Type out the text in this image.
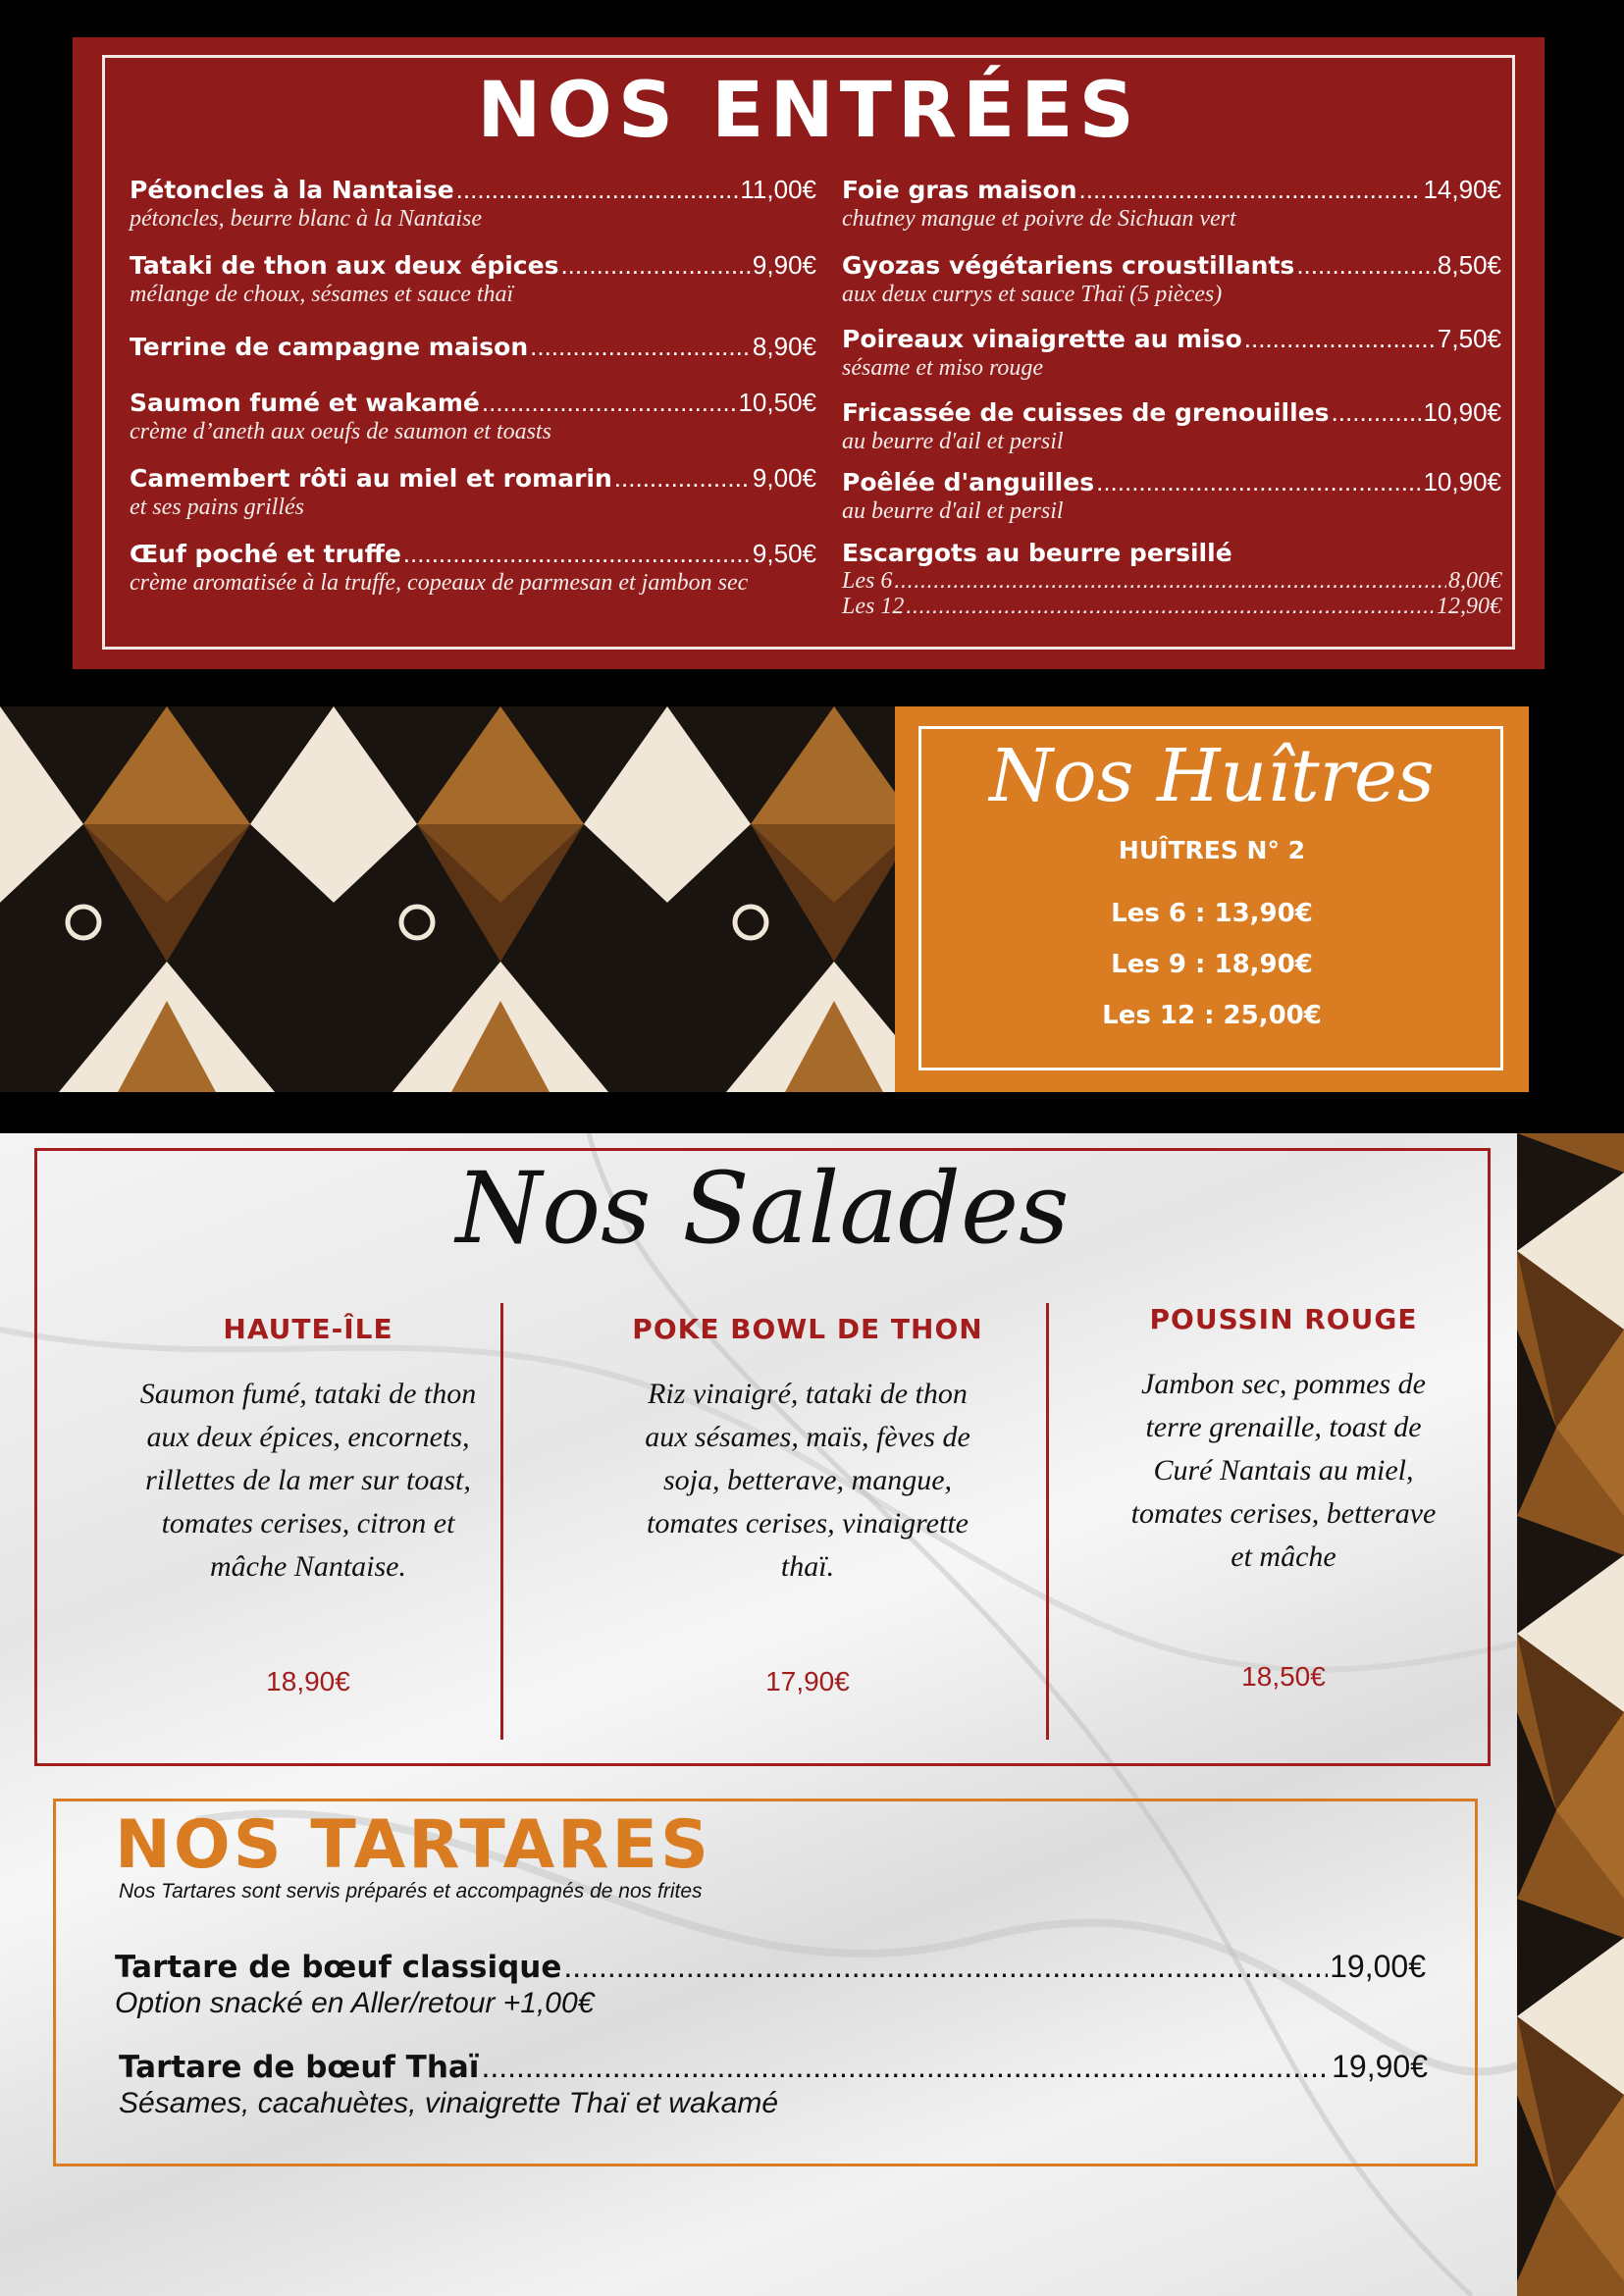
NOS ENTRÉES
Pétoncles à la Nantaise .....	11,00€
pétoncles, beurre blanc à la Nantaise
Tataki de thon aux deux épices .....	9,90€
mélange de choux, sésames et sauce thaï
Terrine de campagne maison .....	8,90€
Saumon fumé et wakamé .....	10,50€
crème d’aneth aux oeufs de saumon et toasts
Camembert rôti au miel et romarin .....	9,00€
et ses pains grillés
Œuf poché et truffe .....	9,50€
crème aromatisée à la truffe, copeaux de parmesan et jambon sec
Foie gras maison .....	14,90€
chutney mangue et poivre de Sichuan vert
Gyozas végétariens croustillants .....	8,50€
aux deux currys et sauce Thaï (5 pièces)
Poireaux vinaigrette au miso .....	7,50€
sésame et miso rouge
Fricassée de cuisses de grenouilles .....	10,90€
au beurre d'ail et persil
Poêlée d'anguilles .....	10,90€
au beurre d'ail et persil
Escargots au beurre persillé
Les 6 .....	8,00€
Les 12 .....	12,90€
Nos Huîtres
HUÎTRES N° 2
Les 6 : 13,90€
Les 9 : 18,90€
Les 12 : 25,00€
Nos Salades
HAUTE-ÎLE
Saumon fumé, tataki de thon aux deux épices, encornets, rillettes de la mer sur toast, tomates cerises, citron et mâche Nantaise.
18,90€
POKE BOWL DE THON
Riz vinaigré, tataki de thon aux sésames, maïs, fèves de soja, betterave, mangue, tomates cerises, vinaigrette thaï.
17,90€
POUSSIN ROUGE
Jambon sec, pommes de terre grenaille, toast de Curé Nantais au miel, tomates cerises, betterave et mâche
18,50€
NOS TARTARES
Nos Tartares sont servis préparés et accompagnés de nos frites
Tartare de bœuf classique .....	19,00€
Option snacké en Aller/retour +1,00€
Tartare de bœuf Thaï .....	19,90€
Sésames, cacahuètes, vinaigrette Thaï et wakamé
